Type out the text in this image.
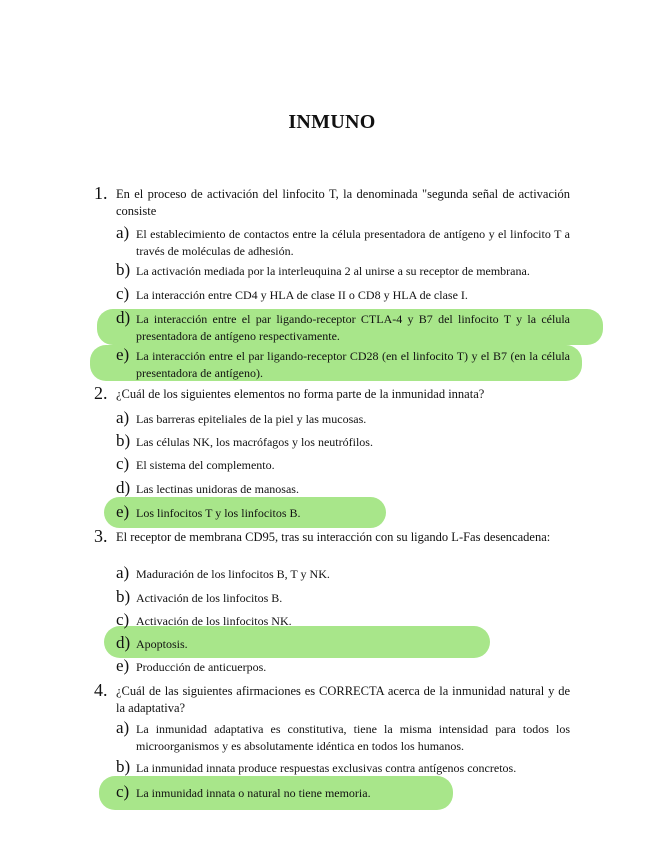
INMUNO
1. En el proceso de activación del linfocito T, la denominada "segunda señal de activación consiste
a) El establecimiento de contactos entre la célula presentadora de antígeno y el linfocito T a través de moléculas de adhesión.
b) La activación mediada por la interleuquina 2 al unirse a su receptor de membrana.
c) La interacción entre CD4 y HLA de clase II o CD8 y HLA de clase I.
d) La interacción entre el par ligando-receptor CTLA-4 y B7 del linfocito T y la célula presentadora de antígeno respectivamente.
e) La interacción entre el par ligando-receptor CD28 (en el linfocito T) y el B7 (en la célula presentadora de antígeno).
2. ¿Cuál de los siguientes elementos no forma parte de la inmunidad innata?
a) Las barreras epiteliales de la piel y las mucosas.
b) Las células NK, los macrófagos y los neutrófilos.
c) El sistema del complemento.
d) Las lectinas unidoras de manosas.
e) Los linfocitos T y los linfocitos B.
3. El receptor de membrana CD95, tras su interacción con su ligando L-Fas desencadena:
a) Maduración de los linfocitos B, T y NK.
b) Activación de los linfocitos B.
c) Activación de los linfocitos NK.
d) Apoptosis.
e) Producción de anticuerpos.
4. ¿Cuál de las siguientes afirmaciones es CORRECTA acerca de la inmunidad natural y de la adaptativa?
a) La inmunidad adaptativa es constitutiva, tiene la misma intensidad para todos los microorganismos y es absolutamente idéntica en todos los humanos.
b) La inmunidad innata produce respuestas exclusivas contra antígenos concretos.
c) La inmunidad innata o natural no tiene memoria.
